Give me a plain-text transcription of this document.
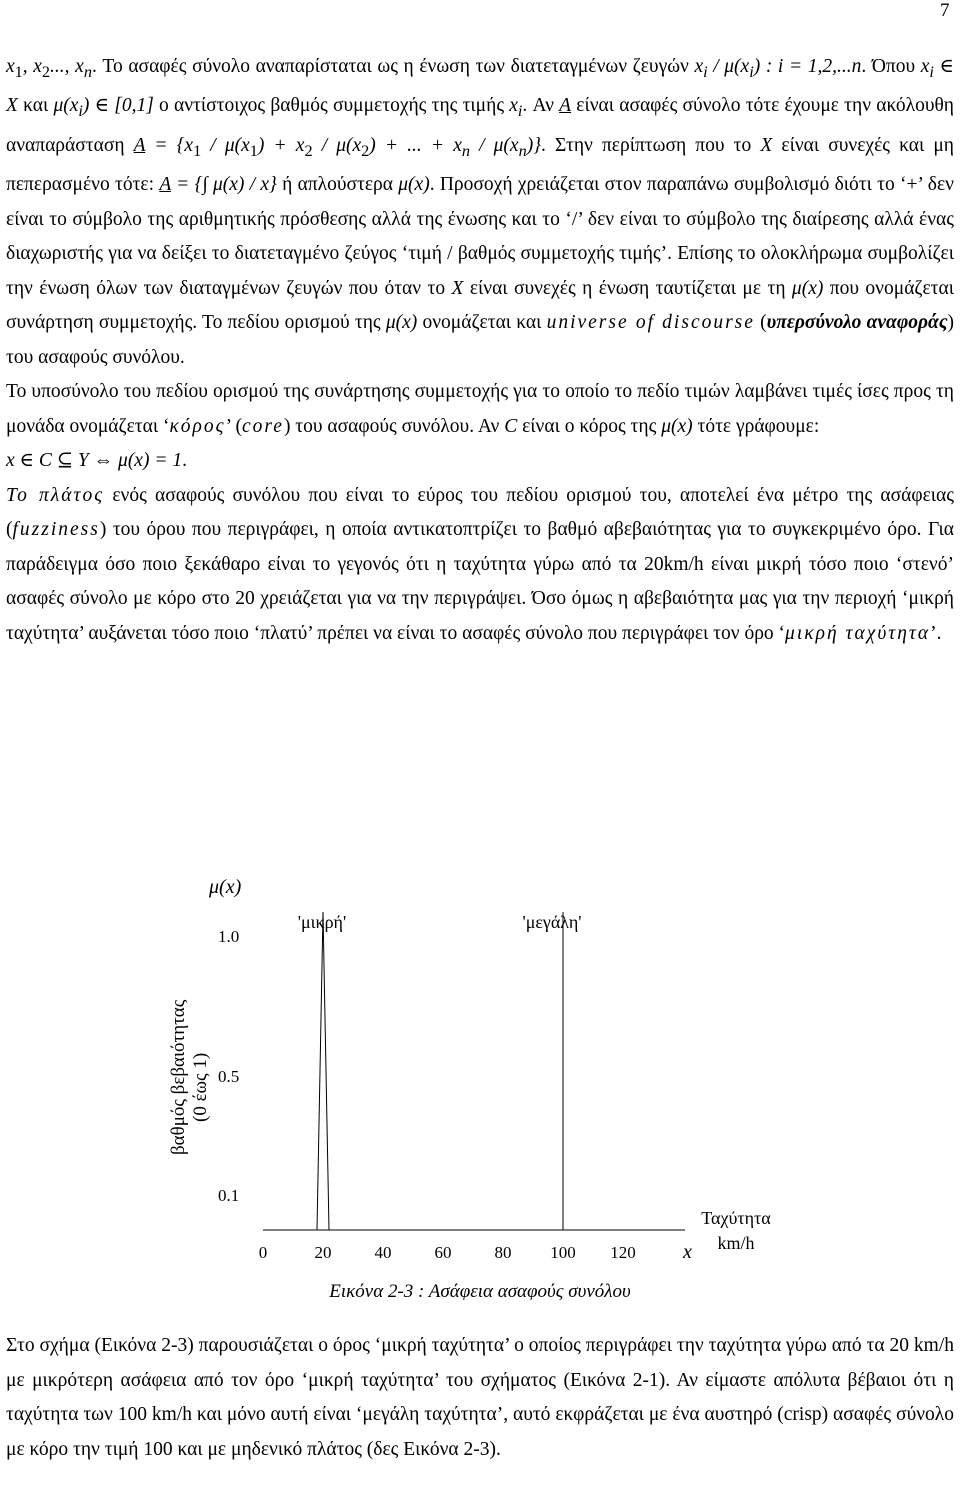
7

$x_1$, $x_2$..., $x_n$. Το ασαφές σύνολο αναπαρίσταται ως η ένωση των διατεταγμένων ζευγών $x_i / \mu(x_i)$ : i = 1,2,...n. Όπου $x_i$ ∈ X και $\mu(x_i)$ ∈ [0,1] ο αντίστοιχος βαθμός συμμετοχής της τιμής $x_i$. Αν A είναι ασαφές σύνολο τότε έχουμε την ακόλουθη αναπαράσταση $A = \{x_1 / \mu(x_1) + x_2 / \mu(x_2)$ + ... + $x_n / \mu(x_n)$}. Στην περίπτωση που το X είναι συνεχές και μη πεπερασμένο τότε: A = {∫ μ(x) / x} ή απλούστερα μ(x). Προσοχή χρειάζεται στον παραπάνω συμβολισμό διότι το ‘+’ δεν είναι το σύμβολο της αριθμητικής πρόσθεσης αλλά της ένωσης και το ‘/’ δεν είναι το σύμβολο της διαίρεσης αλλά ένας διαχωριστής για να δείξει το διατεταγμένο ζεύγος ‘τιμή / βαθμός συμμετοχής τιμής’. Επίσης το ολοκλήρωμα συμβολίζει την ένωση όλων των διαταγμένων ζευγών που όταν το X είναι συνεχές η ένωση ταυτίζεται με τη μ(x) που ονομάζεται συνάρτηση συμμετοχής. Το πεδίου ορισμού της μ(x) ονομάζεται και universe of discourse (υπερσύνολο αναφοράς) του ασαφούς συνόλου.

Το υποσύνολο του πεδίου ορισμού της συνάρτησης συμμετοχής για το οποίο το πεδίο τιμών λαμβάνει τιμές ίσες προς τη μονάδα ονομάζεται ‘κόρος’ (core) του ασαφούς συνόλου. Αν C είναι ο κόρος της μ(x) τότε γράφουμε:

x ∈ C ⊆ Y ⇔ μ(x) = 1.

Το πλάτος ενός ασαφούς συνόλου που είναι το εύρος του πεδίου ορισμού του, αποτελεί ένα μέτρο της ασάφειας (fuzziness) του όρου που περιγράφει, η οποία αντικατοπτρίζει το βαθμό αβεβαιότητας για το συγκεκριμένο όρο. Για παράδειγμα όσο ποιο ξεκάθαρο είναι το γεγονός ότι η ταχύτητα γύρω από τα 20km/h είναι μικρή τόσο ποιο ‘στενό’ ασαφές σύνολο με κόρο στο 20 χρειάζεται για να την περιγράψει. Όσο όμως η αβεβαιότητα μας για την περιοχή ‘μικρή ταχύτητα’ αυξάνεται τόσο ποιο ‘πλατύ’ πρέπει να είναι το ασαφές σύνολο που περιγράφει τον όρο ‘μικρή ταχύτητα’.

μ(x)
'μικρή'	'μεγάλη'
1.0
0.5
0.1
βαθμός βεβαιότητας (0 έως 1)
0	20	40	60	80 100 120 x
Ταχύτητα
km/h
Εικόνα 2-3 : Ασάφεια ασαφούς συνόλου

Στο σχήμα (Εικόνα 2-3) παρουσιάζεται ο όρος ‘μικρή ταχύτητα’ ο οποίος περιγράφει την ταχύτητα γύρω από τα 20 km/h με μικρότερη ασάφεια από τον όρο ‘μικρή ταχύτητα’ του σχήματος (Εικόνα 2-1). Αν είμαστε απόλυτα βέβαιοι ότι η ταχύτητα των 100 km/h και μόνο αυτή είναι ‘μεγάλη ταχύτητα’, αυτό εκφράζεται με ένα αυστηρό (crisp) ασαφές σύνολο με κόρο την τιμή 100 και με μηδενικό πλάτος (δες Εικόνα 2-3).
